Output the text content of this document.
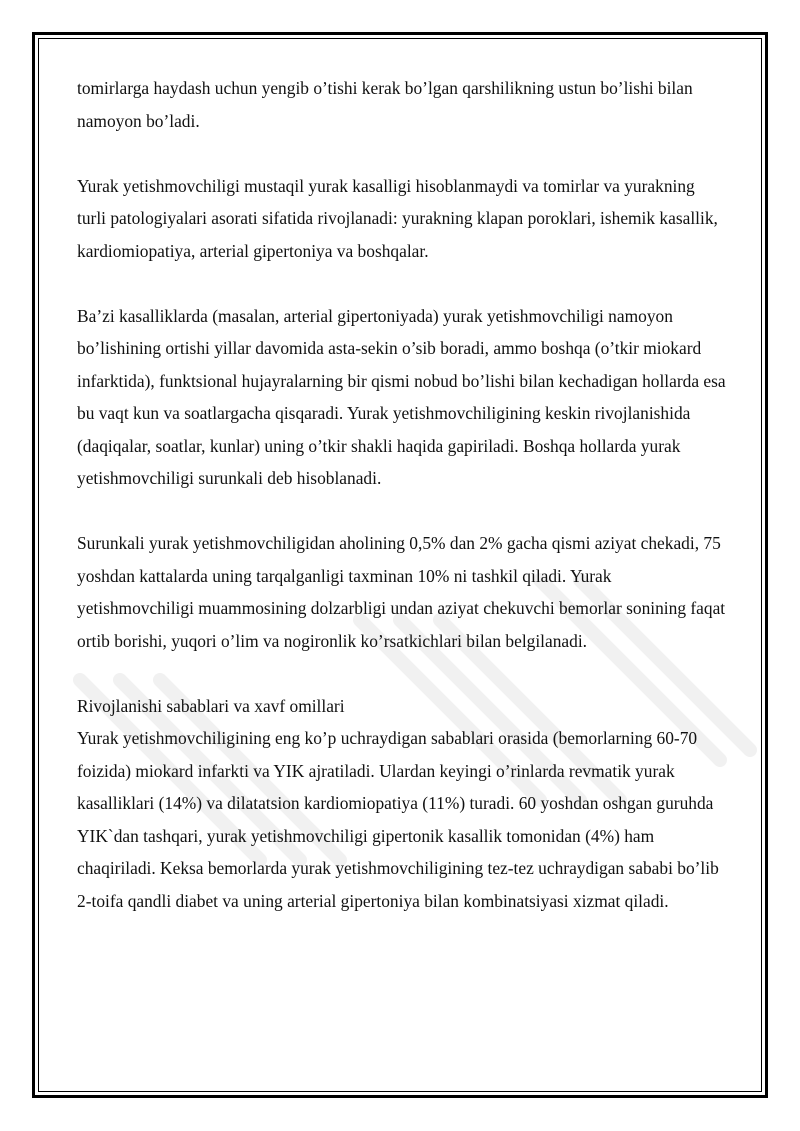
tomirlarga haydash uchun yengib o’tishi kerak bo’lgan qarshilikning ustun bo’lishi bilan namoyon bo’ladi.

Yurak yetishmovchiligi mustaqil yurak kasalligi hisoblanmaydi va tomirlar va yurakning turli patologiyalari asorati sifatida rivojlanadi: yurakning klapan poroklari, ishemik kasallik, kardiomiopatiya, arterial gipertoniya va boshqalar.

Ba’zi kasalliklarda (masalan, arterial gipertoniyada) yurak yetishmovchiligi namoyon bo’lishining ortishi yillar davomida asta-sekin o’sib boradi, ammo boshqa (o’tkir miokard infarktida), funktsional hujayralarning bir qismi nobud bo’lishi bilan kechadigan hollarda esa bu vaqt kun va soatlargacha qisqaradi. Yurak yetishmovchiligining keskin rivojlanishida (daqiqalar, soatlar, kunlar) uning o’tkir shakli haqida gapiriladi. Boshqa hollarda yurak yetishmovchiligi surunkali deb hisoblanadi.

Surunkali yurak yetishmovchiligidan aholining 0,5% dan 2% gacha qismi aziyat chekadi, 75 yoshdan kattalarda uning tarqalganligi taxminan 10% ni tashkil qiladi. Yurak yetishmovchiligi muammosining dolzarbligi undan aziyat chekuvchi bemorlar sonining faqat ortib borishi, yuqori o’lim va nogironlik ko’rsatkichlari bilan belgilanadi.

Rivojlanishi sabablari va xavf omillari

Yurak yetishmovchiligining eng ko’p uchraydigan sabablari orasida (bemorlarning 60-70 foizida) miokard infarkti va YIK ajratiladi. Ulardan keyingi o’rinlarda revmatik yurak kasalliklari (14%) va dilatatsion kardiomiopatiya (11%) turadi. 60 yoshdan oshgan guruhda YIK`dan tashqari, yurak yetishmovchiligi gipertonik kasallik tomonidan (4%) ham chaqiriladi. Keksa bemorlarda yurak yetishmovchiligining tez-tez uchraydigan sababi bo’lib 2-toifa qandli diabet va uning arterial gipertoniya bilan kombinatsiyasi xizmat qiladi.
